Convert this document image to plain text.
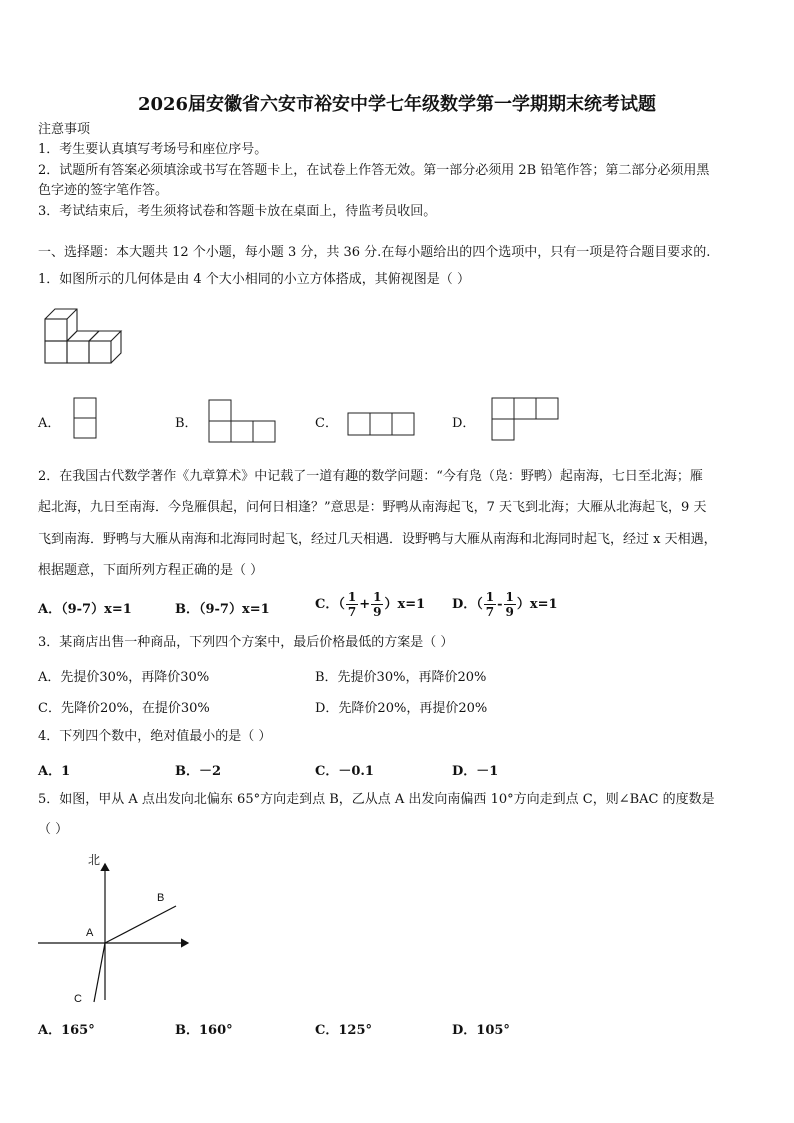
2026届安徽省六安市裕安中学七年级数学第一学期期末统考试题
注意事项
1．考生要认真填写考场号和座位序号。
2．试题所有答案必须填涂或书写在答题卡上，在试卷上作答无效。第一部分必须用 2B 铅笔作答；第二部分必须用黑
色字迹的签字笔作答。
3．考试结束后，考生须将试卷和答题卡放在桌面上，待监考员收回。
一、选择题：本大题共 12 个小题，每小题 3 分，共 36 分.在每小题给出的四个选项中，只有一项是符合题目要求的.
1．如图所示的几何体是由 4 个大小相同的小立方体搭成，其俯视图是（ ）
A．	B．	C．	D．
2．在我国古代数学著作《九章算术》中记载了一道有趣的数学问题：“今有凫（凫：野鸭）起南海，七日至北海；雁
起北海，九日至南海．今凫雁俱起，问何日相逢？”意思是：野鸭从南海起飞，7 天飞到北海；大雁从北海起飞，9 天
飞到南海．野鸭与大雁从南海和北海同时起飞，经过几天相遇．设野鸭与大雁从南海和北海同时起飞，经过 x 天相遇，
根据题意，下面所列方程正确的是（ ）
A．（9-7）x=1	B．（9-7）x=1	C．（ $\frac{1}{7} + \frac{1}{9} )x=1$ D．（ $\frac{1}{7} - \frac{1}{9} )x=1$
3．某商店出售一种商品，下列四个方案中，最后价格最低的方案是（ ）
A．先提价30%，再降价30%	B．先提价30%，再降价20%
C．先降价20%，在提价30%	D．先降价20%，再提价20%
4．下列四个数中，绝对值最小的是（ ）
A．1	B．－2	C．－0.1	D．－1
5．如图，甲从 A 点出发向北偏东 65°方向走到点 B，乙从点 A 出发向南偏西 10°方向走到点 C，则∠BAC 的度数是
（ ）
北
A
B
C
A．165°	B．160°	C．125°	D．105°
